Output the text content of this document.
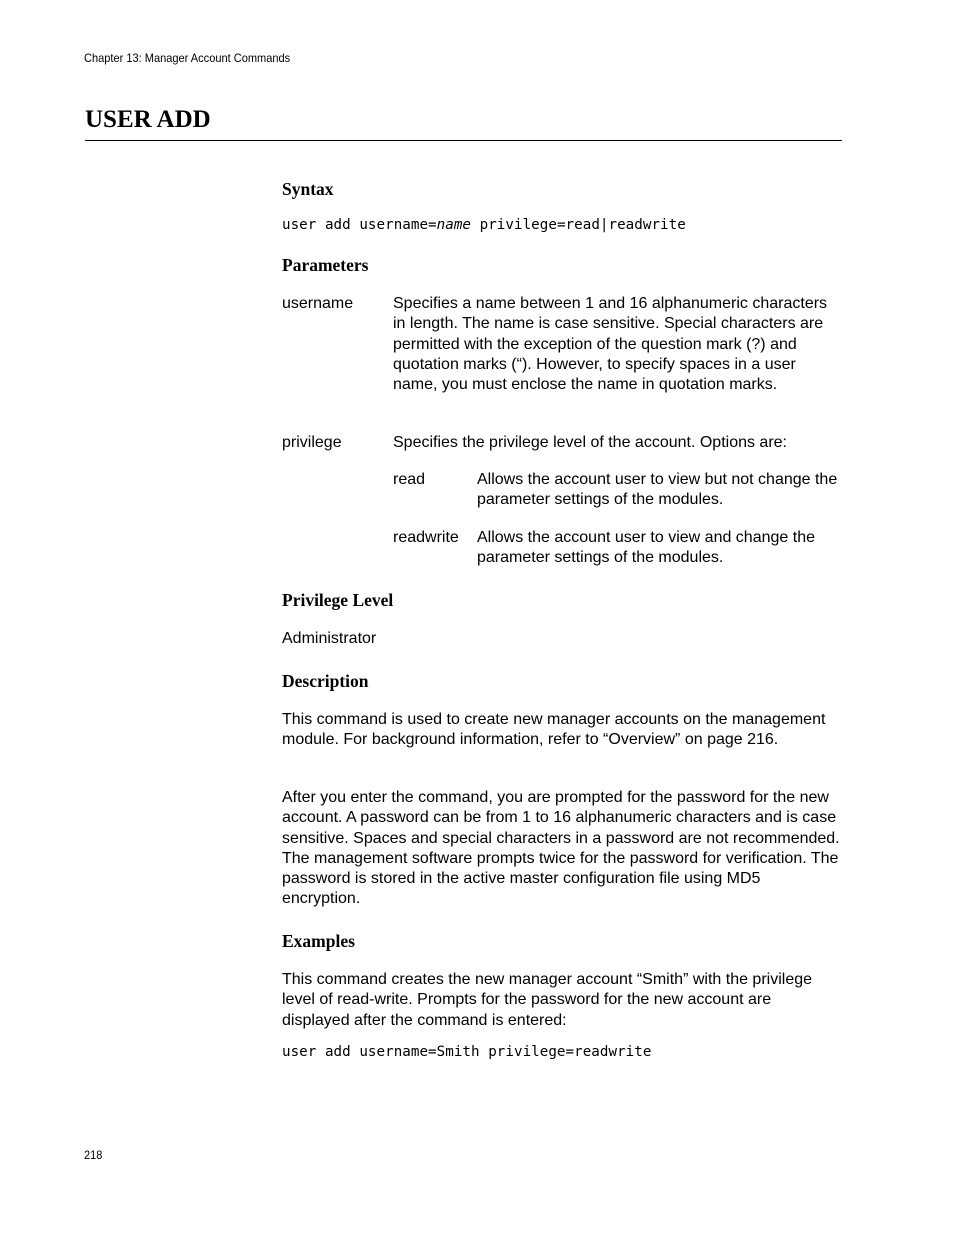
Chapter 13: Manager Account Commands
USER ADD
Syntax
user add username=name privilege=read|readwrite
Parameters
username Specifies a name between 1 and 16 alphanumeric characters in length. The name is case sensitive. Special characters are permitted with the exception of the question mark (?) and quotation marks (“). However, to specify spaces in a user name, you must enclose the name in quotation marks.
privilege	Specifies the privilege level of the account. Options are:
read	Allows the account user to view but not change the parameter settings of the modules.
readwrite Allows the account user to view and change the parameter settings of the modules.
Privilege Level

Administrator

Description

This command is used to create new manager accounts on the management module. For background information, refer to “Overview” on page 216.

After you enter the command, you are prompted for the password for the new account. A password can be from 1 to 16 alphanumeric characters and is case sensitive. Spaces and special characters in a password are not recommended. The management software prompts twice for the password for verification. The password is stored in the active master configuration file using MD5 encryption.

Examples

This command creates the new manager account “Smith” with the privilege level of read-write. Prompts for the password for the new account are displayed after the command is entered:

user add username=Smith privilege=readwrite
218
